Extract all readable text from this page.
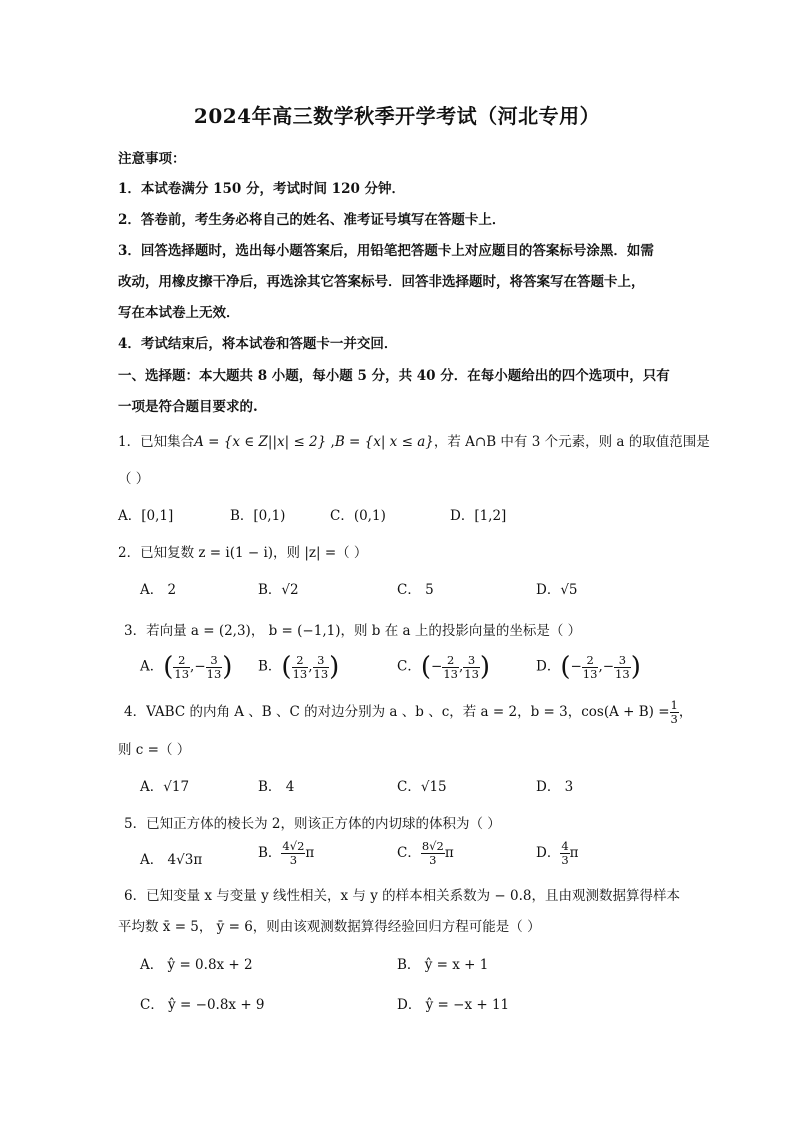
2024年高三数学秋季开学考试（河北专用）
注意事项：
1．本试卷满分 150 分，考试时间 120 分钟．
2．答卷前，考生务必将自己的姓名、准考证号填写在答题卡上．
3．回答选择题时，选出每小题答案后，用铅笔把答题卡上对应题目的答案标号涂黑．如需
改动，用橡皮擦干净后，再选涂其它答案标号．回答非选择题时，将答案写在答题卡上，
写在本试卷上无效．
4．考试结束后，将本试卷和答题卡一并交回．
一、选择题：本大题共 8 小题，每小题 5 分，共 40 分．在每小题给出的四个选项中，只有
一项是符合题目要求的.
1．已知集合A = {x ∈ Z||x| ≤ 2} ,B = {x| x ≤ a}，若 A∩B 中有 3 个元素，则 a 的取值范围是
（ ）
A．[0,1]	B．[0,1)	C．(0,1)	D．[1,2]
2．已知复数 z = i(1 − i)，则 |z| =（ ）
A． 2	B．√2	C． 5	D．√5
3．若向量 a = (2,3)， b = (−1,1)，则 b 在 a 上的投影向量的坐标是（ ）
A．( $\frac{2}{13}$ ,− $\frac{3}{13}$ ) B．( $\frac{2}{13}$ , $\frac{3}{13}$ )	C．(− $\frac{2}{13}$ , $\frac{3}{13}$ )	D．(− $\frac{2}{13}$ ,− $\frac{3}{13}$ )
4．VABC 的内角 A 、B 、C 的对边分别为 a 、b 、c，若 a = 2，b = 3，$\cos(A + B) = \frac{1}{3}$ ，
则 c =（ ）
A．√17	B． 4	C．√15	D． 3
5．已知正方体的棱长为 2，则该正方体的内切球的体积为（ ）
A． 4√3π	B． $\frac{4√2}{3}$ π	C． $\frac{8√2}{3}$ π	D． $\frac{4}{3}$ π
6．已知变量 x 与变量 y 线性相关，x 与 y 的样本相关系数为 − 0.8，且由观测数据算得样本
平均数 x̄ = 5， ȳ = 6，则由该观测数据算得经验回归方程可能是（ ）
A． ŷ = 0.8x + 2	B． ŷ = x + 1
C． ŷ = −0.8x + 9	D． ŷ = −x + 11
